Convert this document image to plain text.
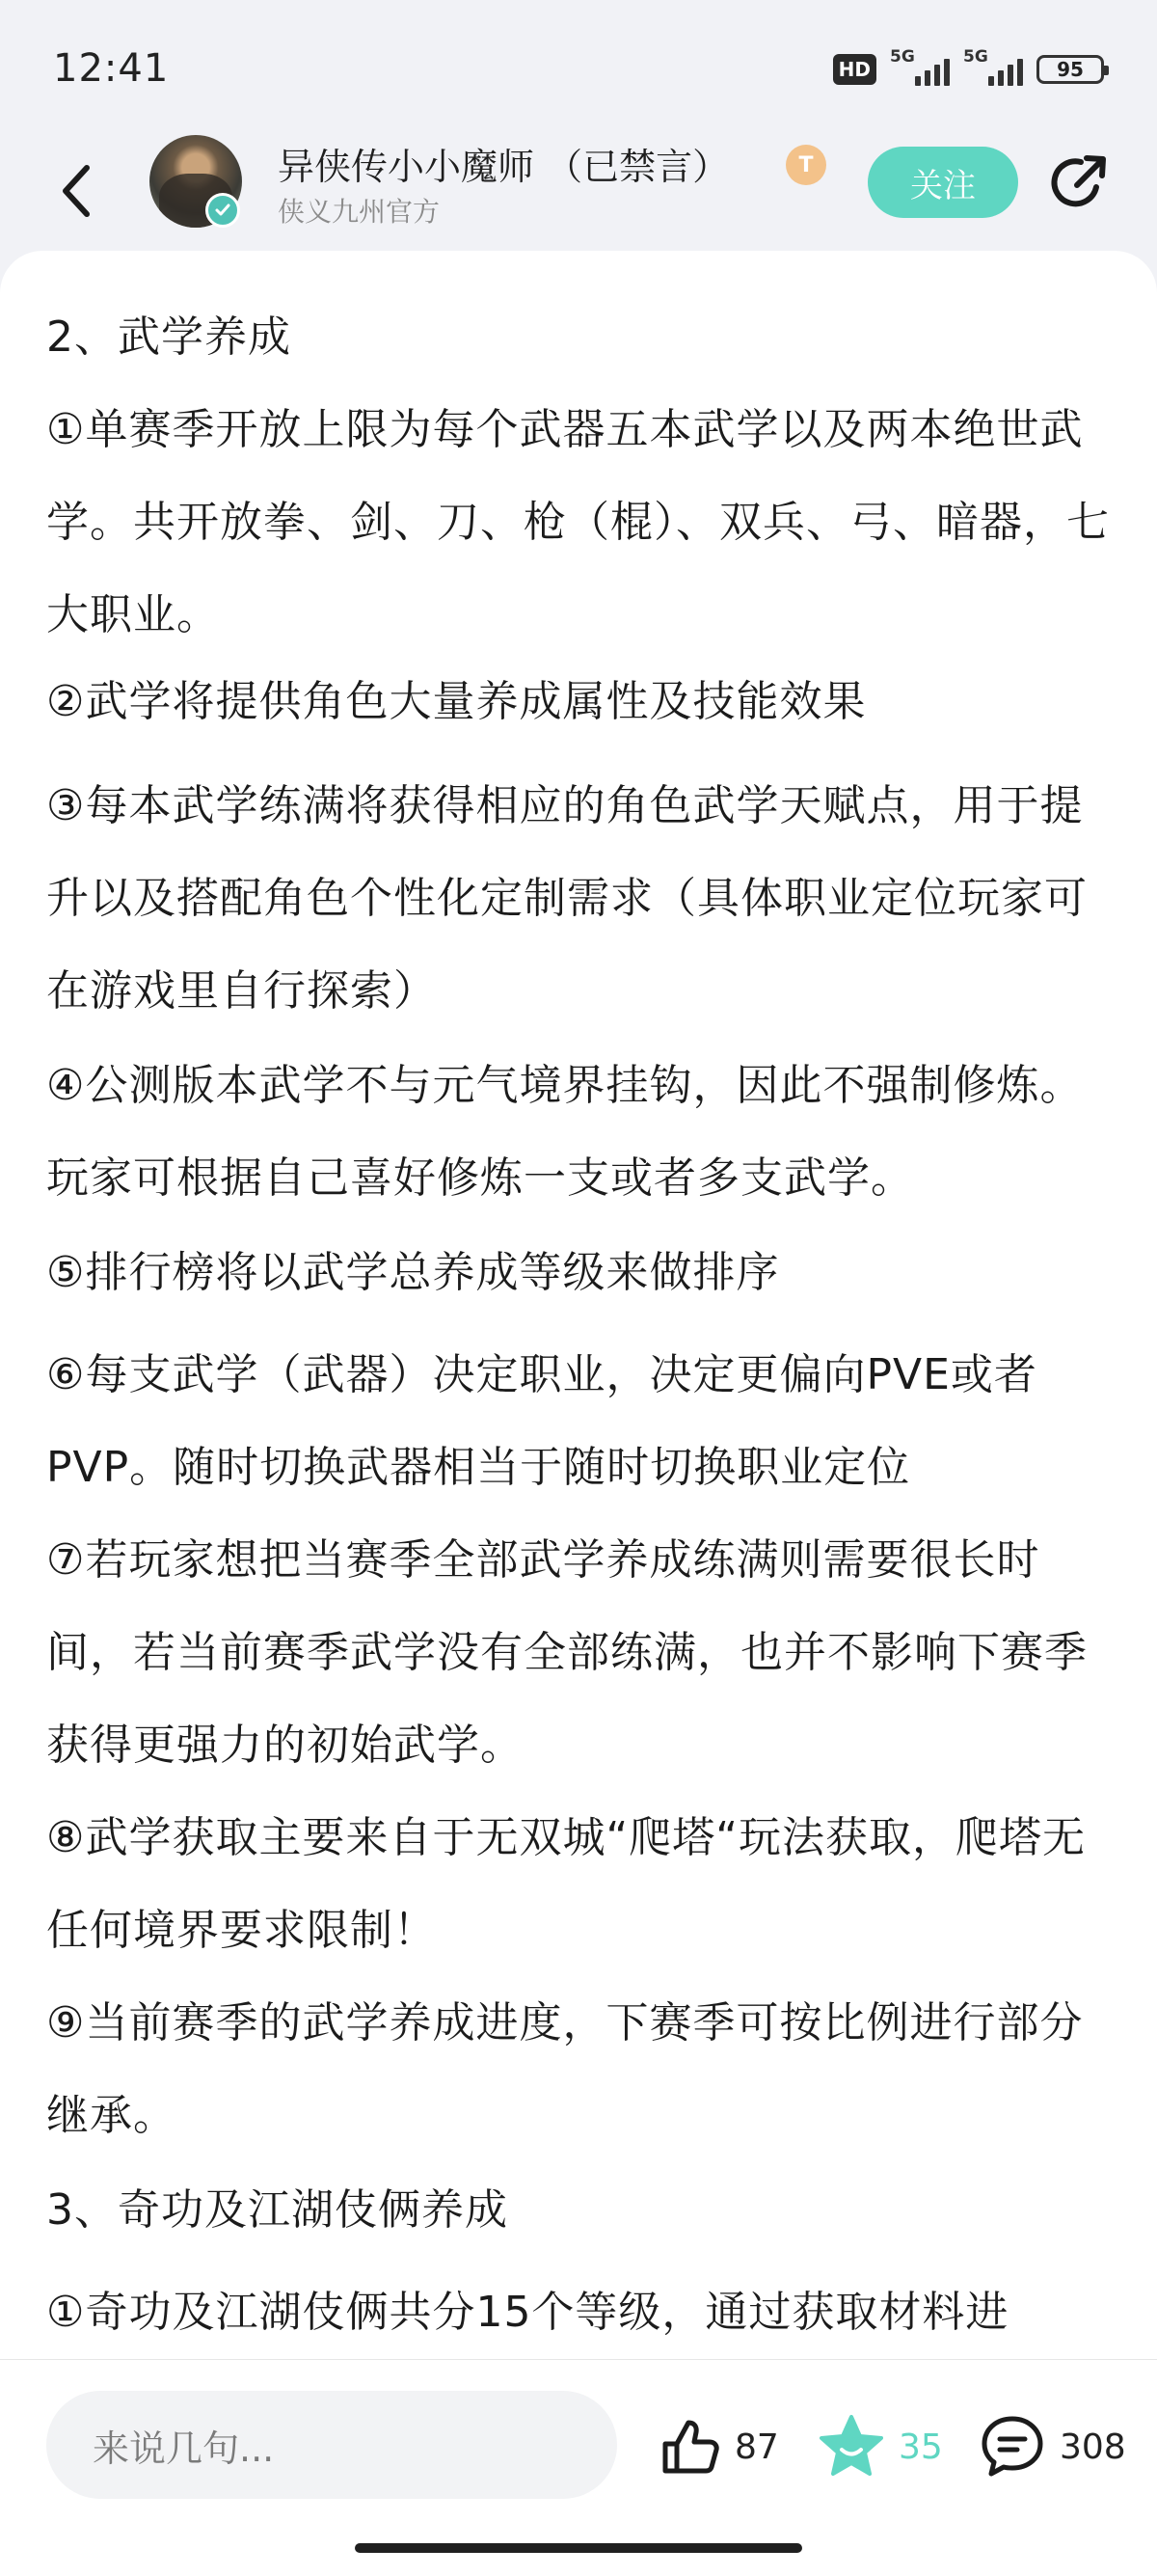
12:41	HD
5G	5G
95
异侠传小小魔师 （已禁言）	T
侠义九州官方
关注

2、武学养成

①单赛季开放上限为每个武器五本武学以及两本绝世武学。共开放拳、剑、刀、枪（棍）、双兵、弓、暗器，七大职业。

②武学将提供角色大量养成属性及技能效果

③每本武学练满将获得相应的角色武学天赋点，用于提升以及搭配角色个性化定制需求（具体职业定位玩家可在游戏里自行探索）

④公测版本武学不与元气境界挂钩，因此不强制修炼。玩家可根据自己喜好修炼一支或者多支武学。

⑤排行榜将以武学总养成等级来做排序

⑥每支武学（武器）决定职业，决定更偏向PVE或者PVP。随时切换武器相当于随时切换职业定位

⑦若玩家想把当赛季全部武学养成练满则需要很长时间，若当前赛季武学没有全部练满，也并不影响下赛季获得更强力的初始武学。

⑧武学获取主要来自于无双城“爬塔“玩法获取，爬塔无任何境界要求限制！

⑨当前赛季的武学养成进度，下赛季可按比例进行部分继承。

3、奇功及江湖伎俩养成

①奇功及江湖伎俩共分15个等级，通过获取材料进

来说几句...	87	35	308
